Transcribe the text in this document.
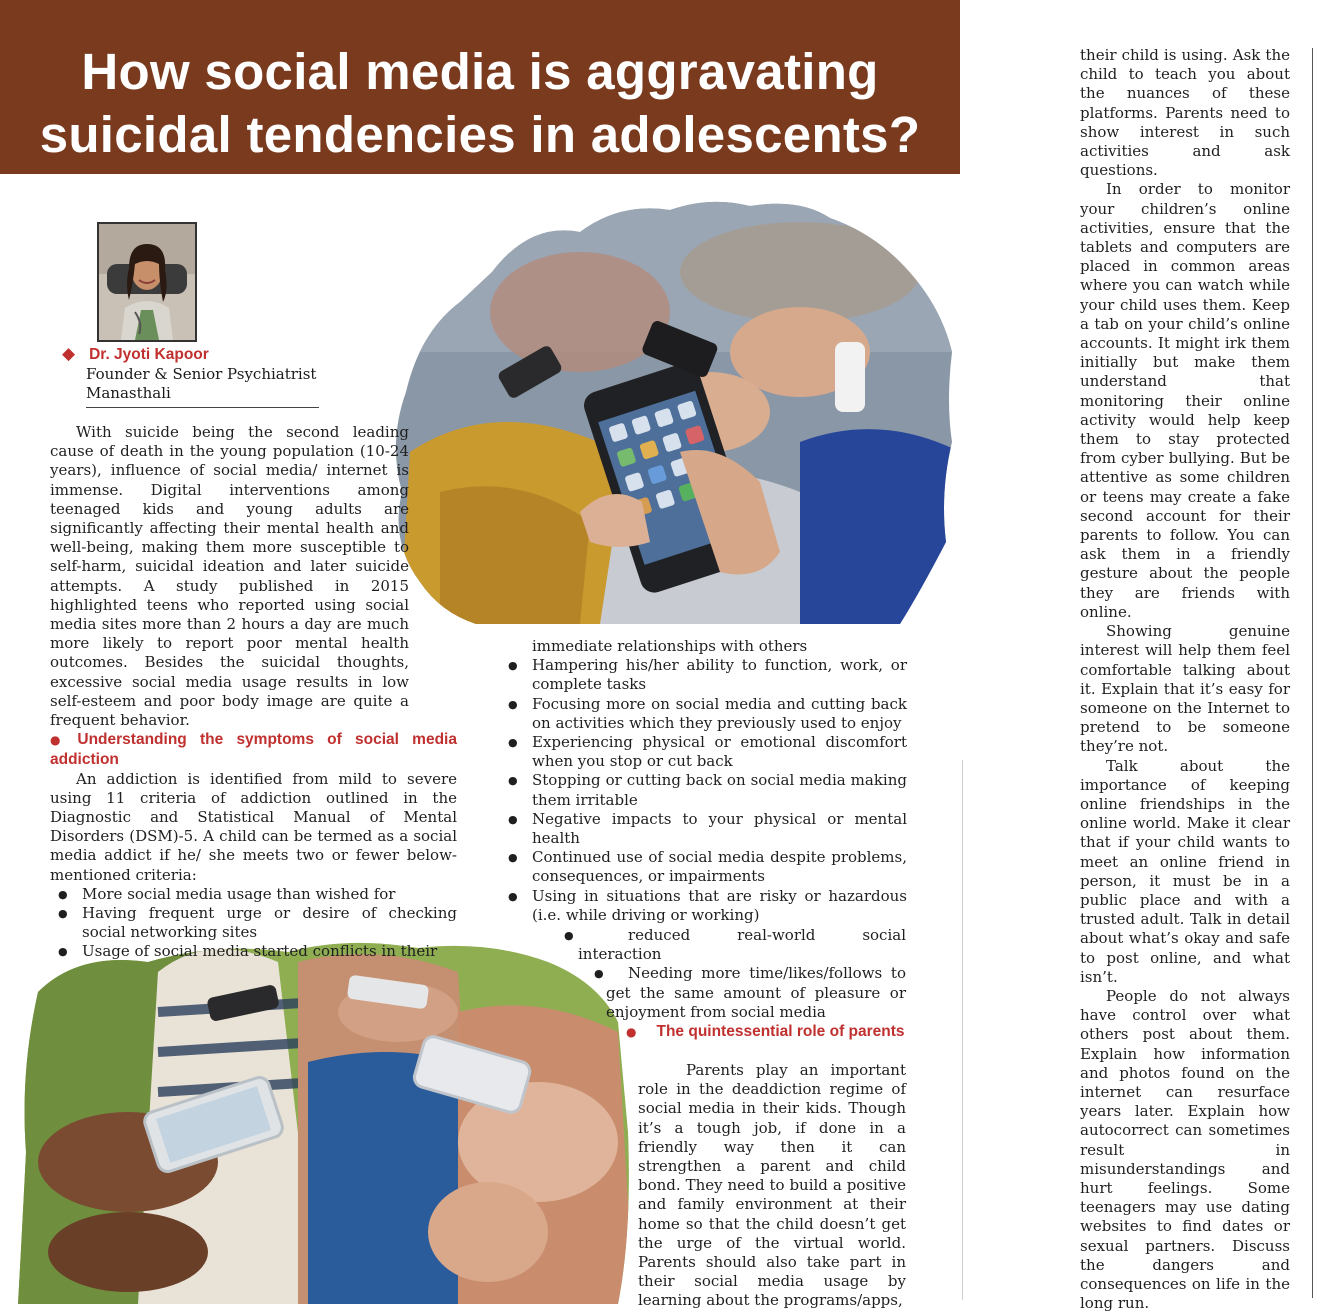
How social media is aggravating
suicidal tendencies in adolescents?
◆ Dr. Jyoti Kapoor
Founder & Senior Psychiatrist
Manasthali

With suicide being the second leading cause of death in the young population (10-24 years), influence of social media/ internet is immense. Digital interventions among teenaged kids and young adults are significantly affecting their mental health and well-being, making them more susceptible to self-harm, suicidal ideation and later suicide attempts. A study published in 2015 highlighted teens who reported using social media sites more than 2 hours a day are much more likely to report poor mental health outcomes. Besides the suicidal thoughts, excessive social media usage results in low self-esteem and poor body image are quite a frequent behavior.

● Understanding the symptoms of social media addiction

An addiction is identified from mild to severe using 11 criteria of addiction outlined in the Diagnostic and Statistical Manual of Mental Disorders (DSM)-5. A child can be termed as a social media addict if he/ she meets two or fewer below-mentioned criteria:

● More social media usage than wished for
● Having frequent urge or desire of checking social networking sites
● Usage of social media started conflicts in their
immediate relationships with others
● Hampering his/her ability to function, work, or complete tasks
● Focusing more on social media and cutting back on activities which they previously used to enjoy
● Experiencing physical or emotional discomfort when you stop or cut back
● Stopping or cutting back on social media making them irritable
● Negative impacts to your physical or mental health
● Continued use of social media despite problems, consequences, or impairments
● Using in situations that are risky or hazardous (i.e. while driving or working)
●	reduced real-world social interaction
●	Needing more time/likes/follows to get the same amount of pleasure or enjoyment from social media
● The quintessential role of parents

Parents play an important role in the deaddiction regime of social media in their kids. Though it’s a tough job, if done in a friendly way then it can strengthen a parent and child bond. They need to build a positive and family environment at their home so that the child doesn’t get the urge of the virtual world. Parents should also take part in their social media usage by learning about the programs/apps,

their child is using. Ask the child to teach you about the nuances of these platforms. Parents need to show interest in such activities and ask questions.

In order to monitor your children’s online activities, ensure that the tablets and computers are placed in common areas where you can watch while your child uses them. Keep a tab on your child’s online accounts. It might irk them initially but make them understand that monitoring their online activity would help keep them to stay protected from cyber bullying. But be attentive as some children or teens may create a fake second account for their parents to follow. You can ask them in a friendly gesture about the people they are friends with online.

Showing genuine interest will help them feel comfortable talking about it. Explain that it’s easy for someone on the Internet to pretend to be someone they’re not.

Talk about the importance of keeping online friendships in the online world. Make it clear that if your child wants to meet an online friend in person, it must be in a public place and with a trusted adult. Talk in detail about what’s okay and safe to post online, and what isn’t.

People do not always have control over what others post about them. Explain how information and photos found on the internet can resurface years later. Explain how autocorrect can sometimes result in misunderstandings and hurt feelings. Some teenagers may use dating websites to find dates or sexual partners. Discuss the dangers and consequences on life in the long run.
